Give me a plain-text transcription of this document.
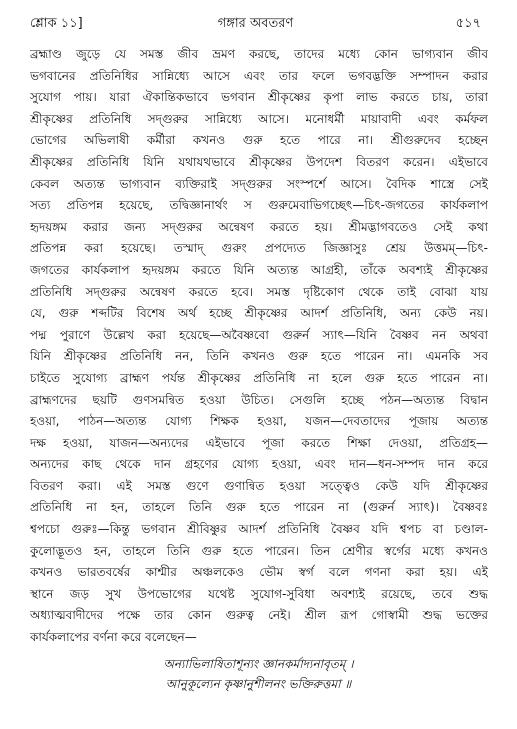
শ্লোক ১১]	গঙ্গার অবতরণ	৫১৭
ব্রহ্মাণ্ড জুড়ে যে সমস্ত জীব ভ্রমণ করছে, তাদের মধ্যে কোন ভাগ্যবান জীব
ভগবানের প্রতিনিধির সান্নিধ্যে আসে এবং তার ফলে ভগবদ্ভক্তি সম্পাদন করার
সুযোগ পায়। যারা ঐকান্তিকভাবে ভগবান শ্রীকৃষ্ণের কৃপা লাভ করতে চায়, তারা
শ্রীকৃষ্ণের প্রতিনিধি সদ্‌গুরুর সান্নিধ্যে আসে। মনোধর্মী মায়াবাদী এবং কর্মফল
ভোগের অভিলাষী কর্মীরা কখনও গুরু হতে পারে না। শ্রীগুরুদেব হচ্ছেন
শ্রীকৃষ্ণের প্রতিনিধি যিনি যথাযথভাবে শ্রীকৃষ্ণের উপদেশ বিতরণ করেন। এইভাবে
কেবল অত্যন্ত ভাগ্যবান ব্যক্তিরাই সদ্‌গুরুর সংস্পর্শে আসে। বৈদিক শাস্ত্রে সেই
সত্য প্রতিপন্ন হয়েছে, তদ্বিজ্ঞানার্থং স গুরুমেবাভিগচ্ছেৎ—চিৎ-জগতের কার্যকলাপ
হৃদয়ঙ্গম করার জন্য সদ্‌গুরুর অন্বেষণ করতে হয়। শ্রীমদ্ভাগবতেও সেই কথা
প্রতিপন্ন করা হয়েছে। তস্মাদ্ গুরুং প্রপদ্যেত জিজ্ঞাসুঃ শ্রেয় উত্তমম্—চিৎ-
জগতের কার্যকলাপ হৃদয়ঙ্গম করতে যিনি অত্যন্ত আগ্রহী, তাঁকে অবশ্যই শ্রীকৃষ্ণের
প্রতিনিধি সদ্‌গুরুর অন্বেষণ করতে হবে। সমস্ত দৃষ্টিকোণ থেকে তাই বোঝা যায়
যে, গুরু শব্দটির বিশেষ অর্থ হচ্ছে শ্রীকৃষ্ণের আদর্শ প্রতিনিধি, অন্য কেউ নয়।
পদ্ম পুরাণে উল্লেখ করা হয়েছে—অবৈষ্ণবো গুরুর্ন স্যাৎ—যিনি বৈষ্ণব নন অথবা
যিনি শ্রীকৃষ্ণের প্রতিনিধি নন, তিনি কখনও গুরু হতে পারেন না। এমনকি সব
চাইতে সুযোগ্য ব্রাহ্মণ পর্যন্ত শ্রীকৃষ্ণের প্রতিনিধি না হলে গুরু হতে পারেন না।
ব্রাহ্মণদের ছয়টি গুণসমন্বিত হওয়া উচিত। সেগুলি হচ্ছে পঠন—অত্যন্ত বিদ্বান
হওয়া, পাঠন—অত্যন্ত যোগ্য শিক্ষক হওয়া, যজন—দেবতাদের পূজায় অত্যন্ত
দক্ষ হওয়া, যাজন—অন্যদের এইভাবে পূজা করতে শিক্ষা দেওয়া, প্রতিগ্রহ—
অন্যদের কাছ থেকে দান গ্রহণের যোগ্য হওয়া, এবং দান—ধন-সম্পদ দান করে
বিতরণ করা। এই সমস্ত গুণে গুণান্বিত হওয়া সত্ত্বেও কেউ যদি শ্রীকৃষ্ণের
প্রতিনিধি না হন, তাহলে তিনি গুরু হতে পারেন না (গুরুর্ন স্যাৎ)। বৈষ্ণবঃ
শ্বপচো গুরুঃ—কিন্তু ভগবান শ্রীবিষ্ণুর আদর্শ প্রতিনিধি বৈষ্ণব যদি শ্বপচ বা চণ্ডাল-
কুলোদ্ভূতও হন, তাহলে তিনি গুরু হতে পারেন। তিন শ্রেণীর স্বর্গের মধ্যে কখনও
কখনও ভারতবর্ষের কাশ্মীর অঞ্চলকেও ভৌম স্বর্গ বলে গণনা করা হয়। এই
স্থানে জড় সুখ উপভোগের যথেষ্ট সুযোগ-সুবিধা অবশ্যই রয়েছে, তবে শুদ্ধ
অধ্যাত্মবাদীদের পক্ষে তার কোন গুরুত্ব নেই। শ্রীল রূপ গোস্বামী শুদ্ধ ভক্তের
কার্যকলাপের বর্ণনা করে বলেছেন—
অন্যাভিলাষিতাশূন্যং জ্ঞানকর্মাদ্যনাবৃতম্ ।
আনুকূল্যেন কৃষ্ণানুশীলনং ভক্তিরুত্তমা ॥
